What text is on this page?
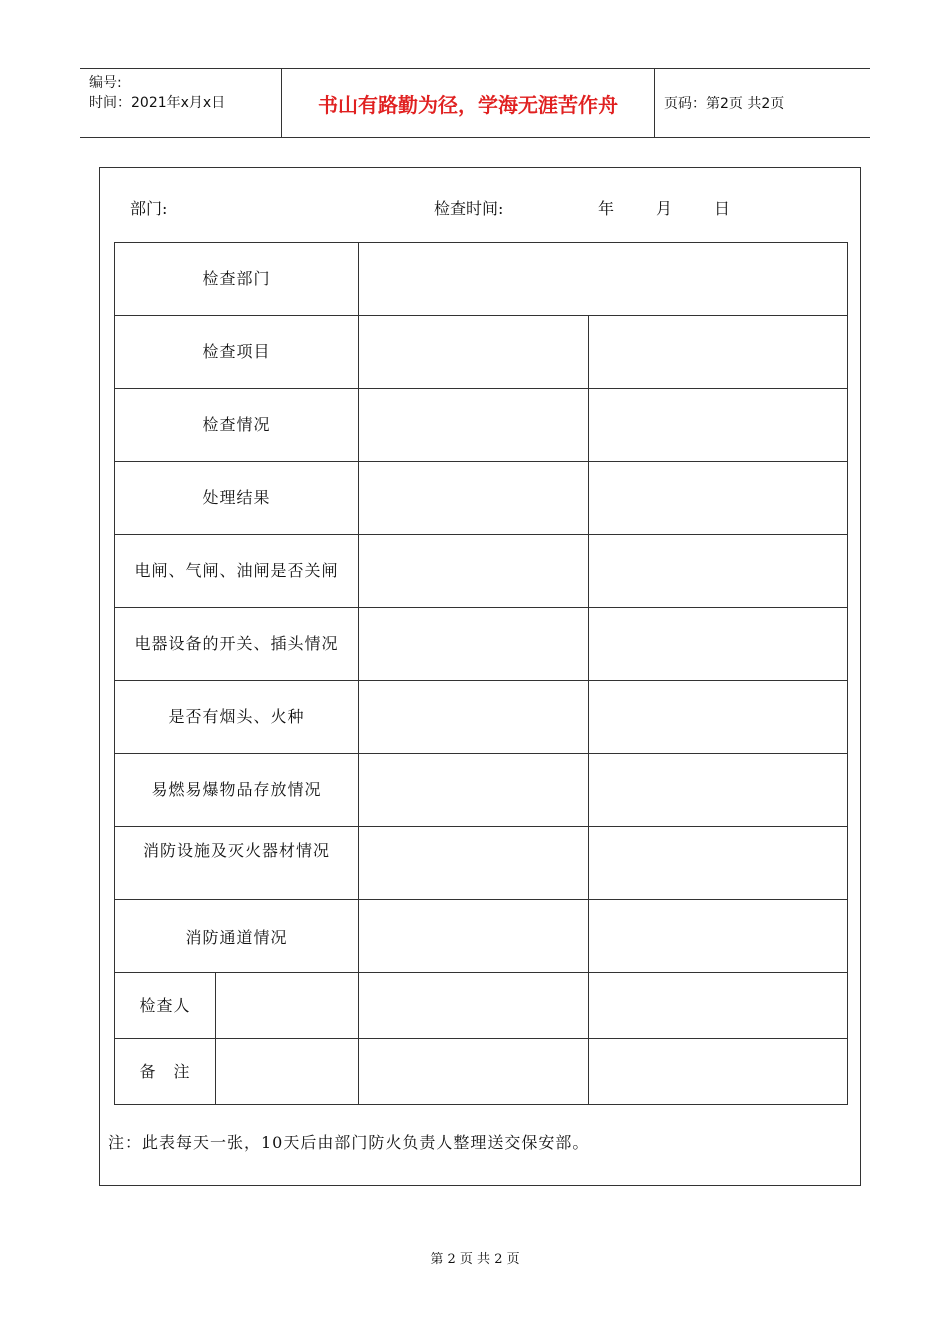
编号:
时间：2021年x月x日	书山有路勤为径，学海无涯苦作舟	页码：第2页 共2页
部门:	检查时间:	年	月	日
检查部门			
检查项目			
检查情况			
处理结果			
电闸、气闸、油闸是否关闸			
电器设备的开关、插头情况			
是否有烟头、火种			
易燃易爆物品存放情况			
消防设施及灭火器材情况			
消防通道情况			
检查人			
备　注			
注：此表每天一张，10天后由部门防火负责人整理送交保安部。
第 2 页 共 2 页
